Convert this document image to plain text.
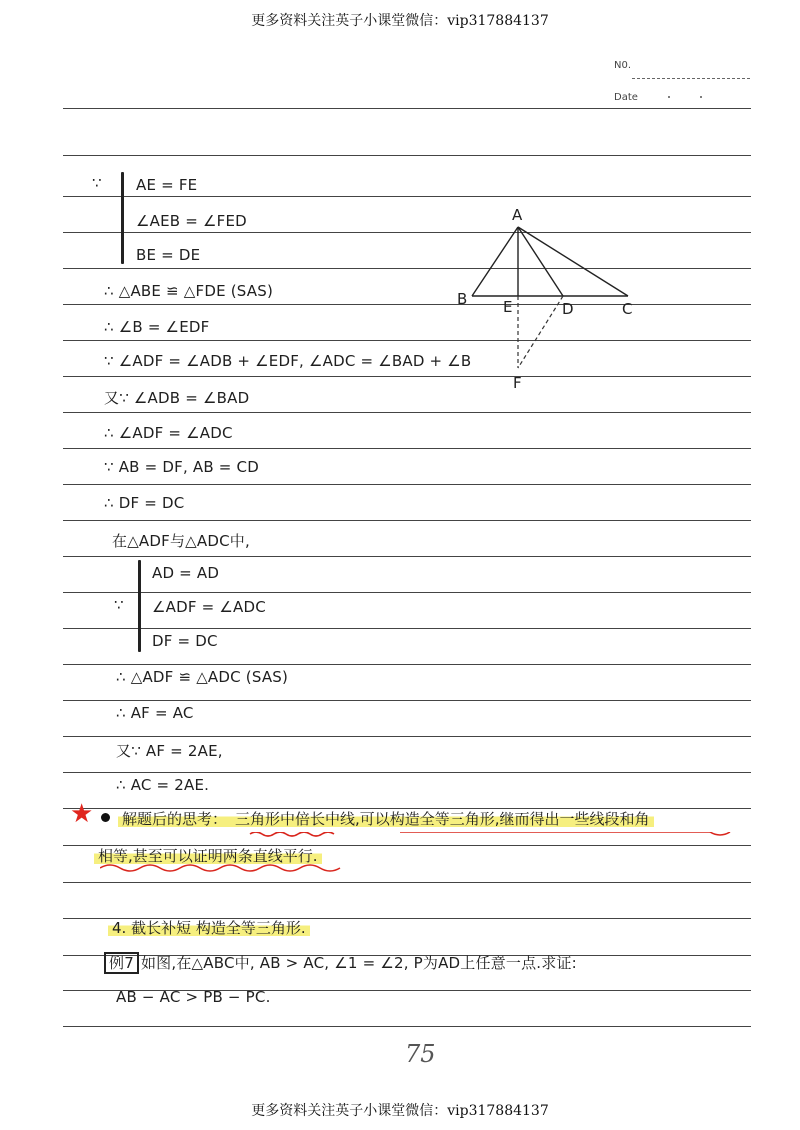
更多资料关注英子小课堂微信：vip317884137
更多资料关注英子小课堂微信：vip317884137
N0.
Date
∵ AE = FE
∠AEB = ∠FED
BE = DE
∴ △ABE ≌ △FDE (SAS)
∴ ∠B = ∠EDF
∵ ∠ADF = ∠ADB + ∠EDF, ∠ADC = ∠BAD + ∠B
又∵ ∠ADB = ∠BAD
∴ ∠ADF = ∠ADC
∵ AB = DF, AB = CD
∴ DF = DC
在△ADF与△ADC中,
∵
AD = AD
∠ADF = ∠ADC
DF = DC
∴ △ADF ≌ △ADC (SAS)
∴ AF = AC
又∵ AF = 2AE,
∴ AC = 2AE.
A
B E	D	C
F
★ 解题后的思考： 三角形中倍长中线,可以构造全等三角形,继而得出一些线段和角
相等,甚至可以证明两条直线平行.
4. 截长补短 构造全等三角形.
例7 如图,在△ABC中, AB > AC, ∠1 = ∠2, P为AD上任意一点.求证:
AB − AC > PB − PC.
75
